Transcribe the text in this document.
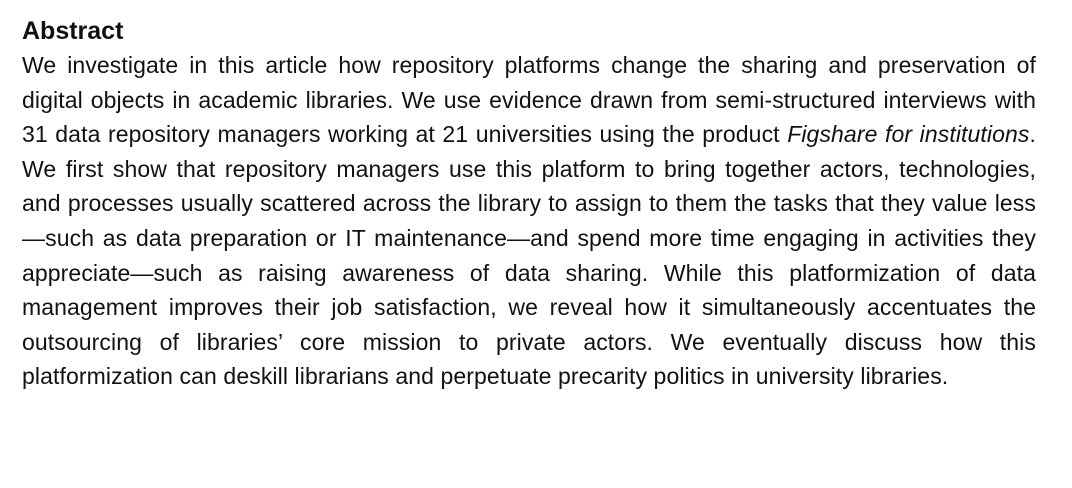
Abstract

We investigate in this article how repository platforms change the sharing and preservation of digital objects in academic libraries. We use evidence drawn from semi-structured interviews with 31 data repository managers working at 21 universities using the product Figshare for institutions. We first show that repository managers use this platform to bring together actors, technologies, and processes usually scattered across the library to assign to them the tasks that they value less—such as data preparation or IT maintenance—and spend more time engaging in activities they appreciate—such as raising awareness of data sharing. While this platformization of data management improves their job satisfaction, we reveal how it simultaneously accentuates the outsourcing of libraries’ core mission to private actors. We eventually discuss how this platformization can deskill librarians and perpetuate precarity politics in university libraries.
